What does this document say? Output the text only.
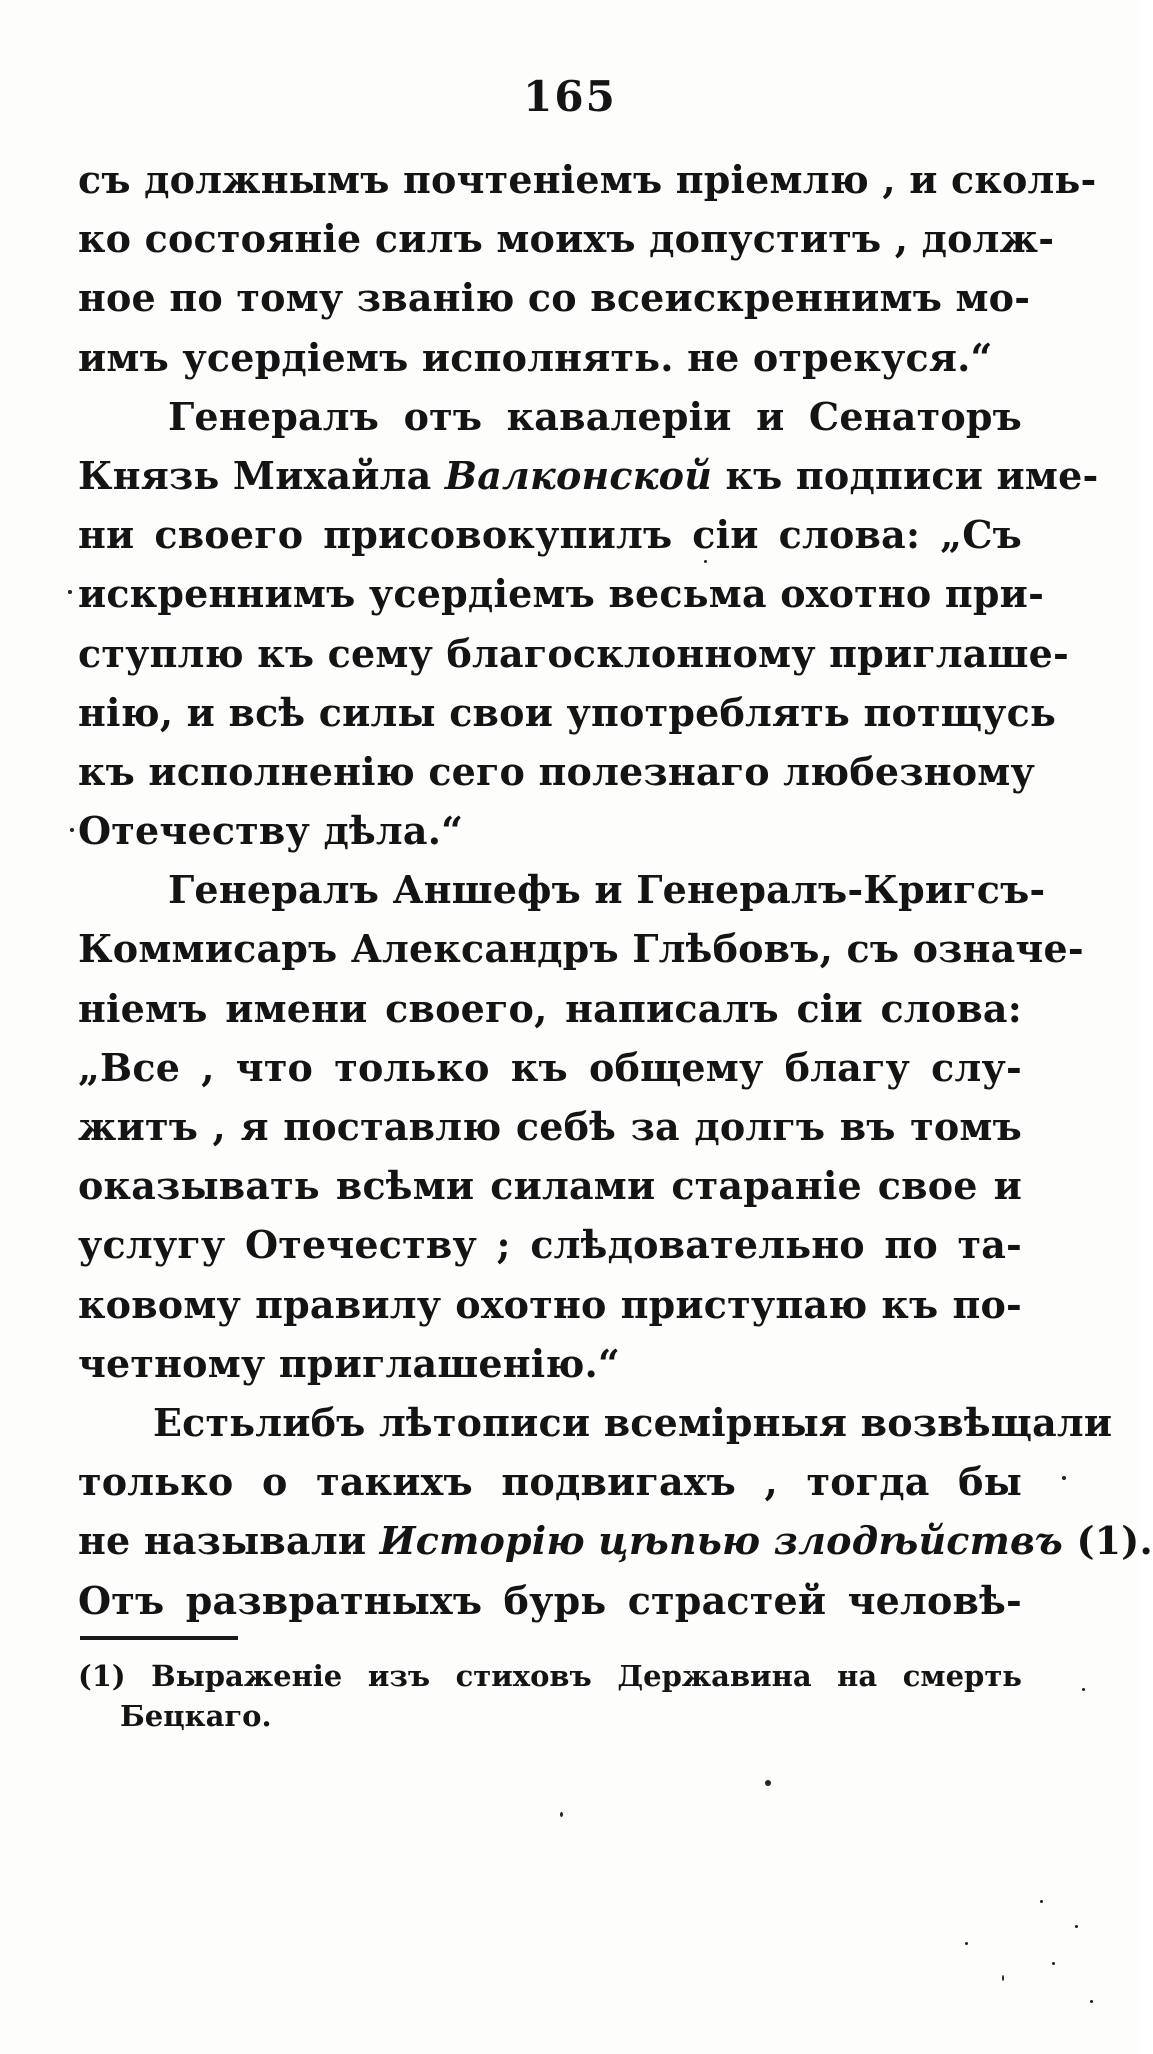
165
съ должнымъ почтеніемъ пріемлю , и сколь-
ко состояніе силъ моихъ допуститъ , долж-
ное по тому званію со всеискреннимъ мо-
имъ усердіемъ исполнять. не отрекуся.“
Генералъ отъ кавалеріи и Сенаторъ
Князь Михайла Валконской къ подписи име-
ни своего присовокупилъ сіи слова: „Съ
искреннимъ усердіемъ весьма охотно при-
ступлю къ сему благосклонному приглаше-
нію, и всѣ силы свои употреблять потщусь
къ исполненію сего полезнаго любезному
Отечеству дѣла.“
Генералъ Аншефъ и Генералъ-Кригсъ-
Коммисаръ Александръ Глѣбовъ, съ означе-
ніемъ имени своего, написалъ сіи слова:
„Все , что только къ общему благу слу-
житъ , я поставлю себѣ за долгъ въ томъ
оказывать всѣми силами стараніе свое и
услугу Отечеству ; слѣдовательно по та-
ковому правилу охотно приступаю къ по-
четному приглашенію.“
Естьлибъ лѣтописи всемірныя возвѣщали
только о такихъ подвигахъ , тогда бы
не называли Исторію цѣпью злодѣйствъ (1).
Отъ развратныхъ бурь страстей человѣ-
(1) Выраженіе изъ стиховъ Державина на смерть
Бецкаго.
